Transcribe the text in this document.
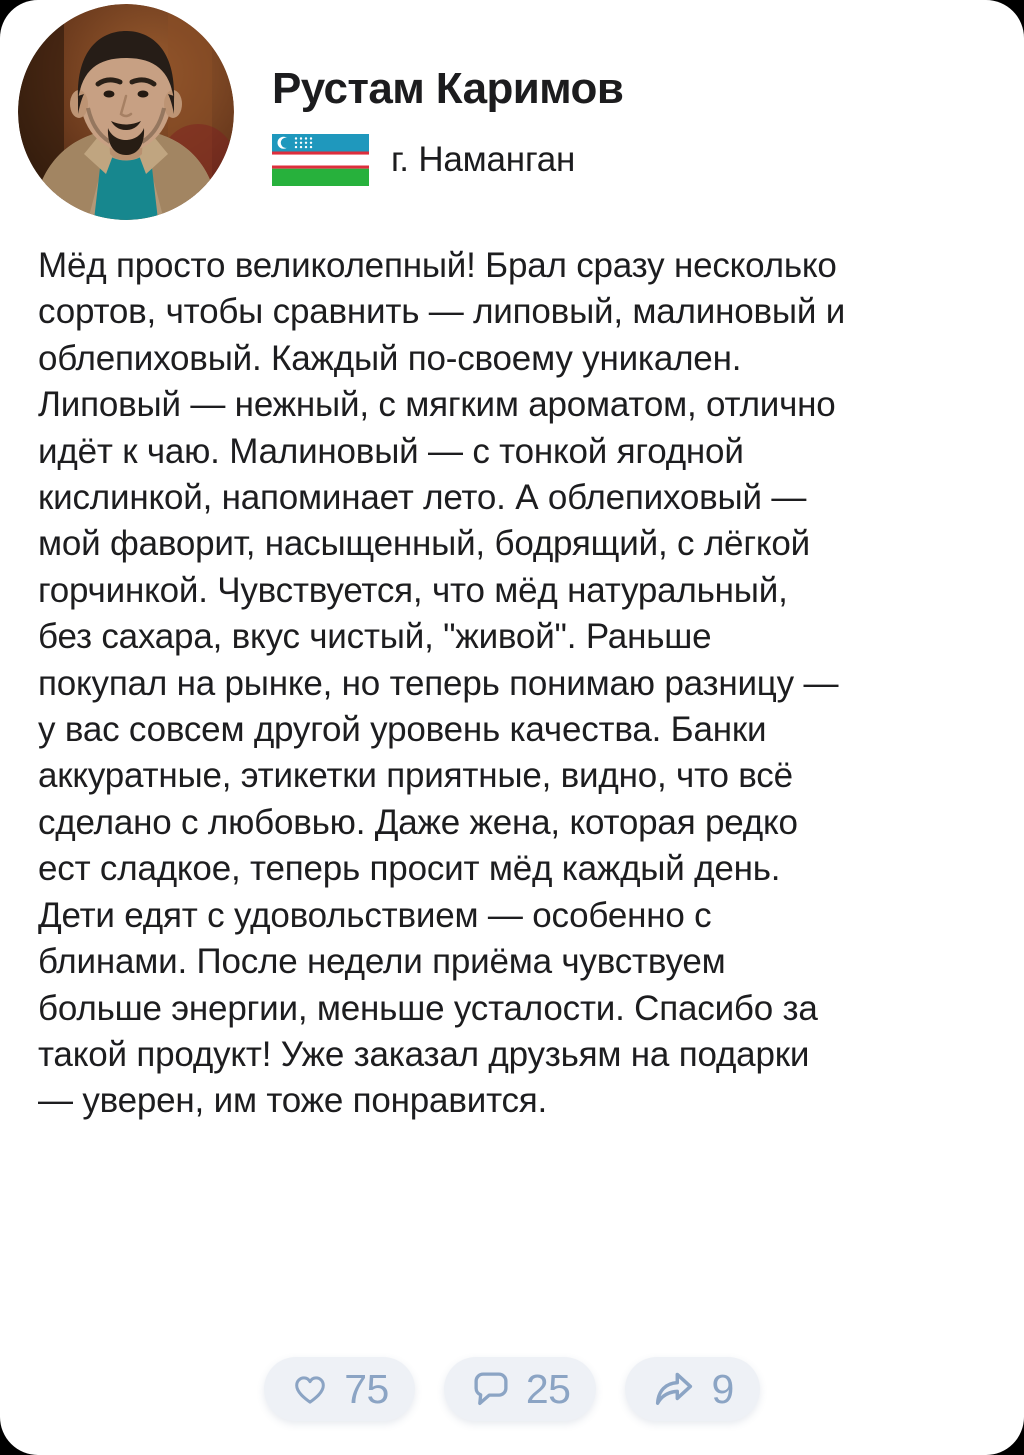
Рустам Каримов
г. Наманган
Мёд просто великолепный! Брал сразу несколько
сортов, чтобы сравнить — липовый, малиновый и
облепиховый. Каждый по-своему уникален.
Липовый — нежный, с мягким ароматом, отлично
идёт к чаю. Малиновый — с тонкой ягодной
кислинкой, напоминает лето. А облепиховый —
мой фаворит, насыщенный, бодрящий, с лёгкой
горчинкой. Чувствуется, что мёд натуральный,
без сахара, вкус чистый, "живой". Раньше
покупал на рынке, но теперь понимаю разницу —
у вас совсем другой уровень качества. Банки
аккуратные, этикетки приятные, видно, что всё
сделано с любовью. Даже жена, которая редко
ест сладкое, теперь просит мёд каждый день.
Дети едят с удовольствием — особенно с
блинами. После недели приёма чувствуем
больше энергии, меньше усталости. Спасибо за
такой продукт! Уже заказал друзьям на подарки
— уверен, им тоже понравится.
75	25	9
